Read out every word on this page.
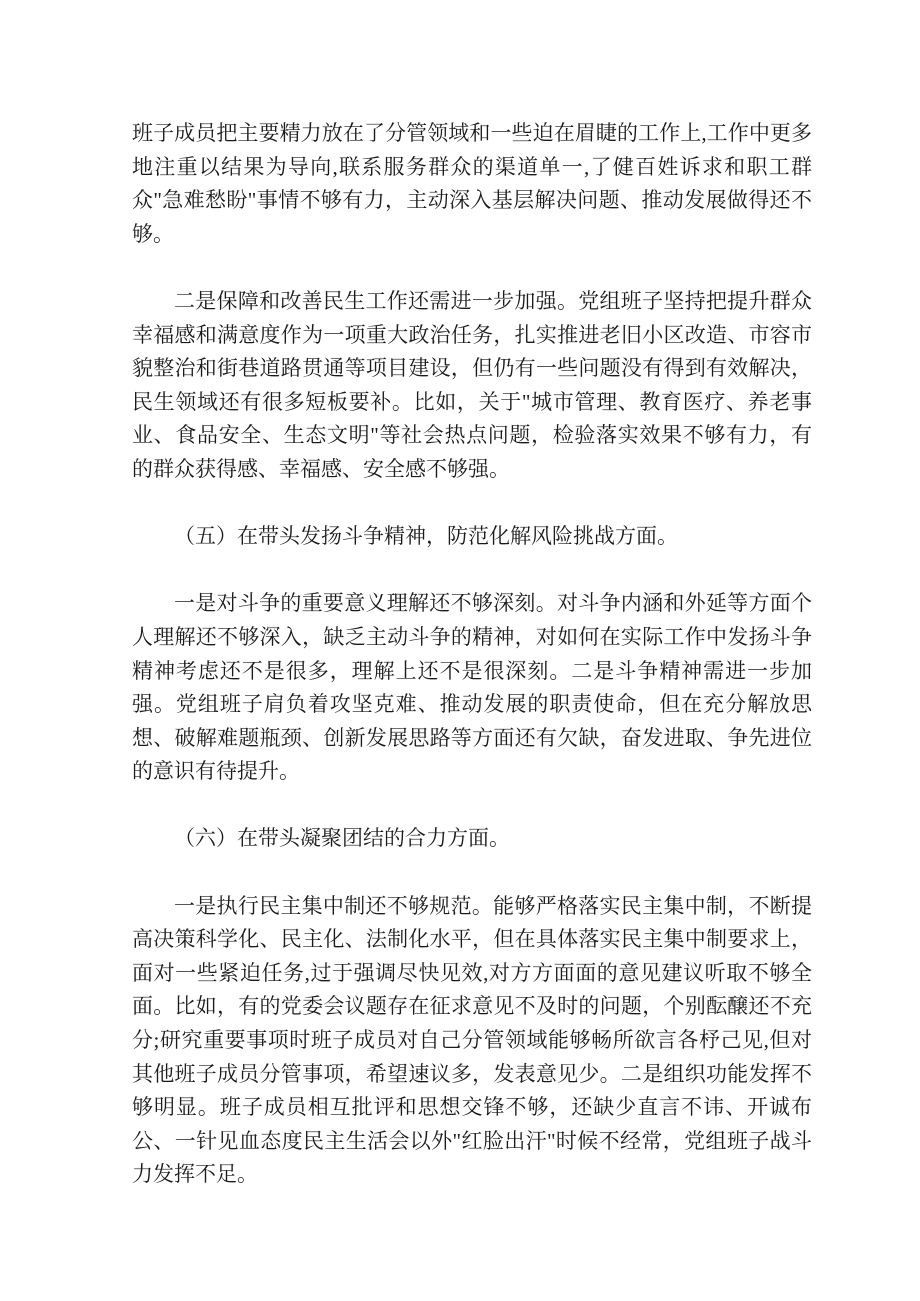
班子成员把主要精力放在了分管领域和一些迫在眉睫的工作上,工作中更多地注重以结果为导向,联系服务群众的渠道单一,了健百姓诉求和职工群众"急难愁盼"事情不够有力，主动深入基层解决问题、推动发展做得还不够。

二是保障和改善民生工作还需进一步加强。党组班子坚持把提升群众幸福感和满意度作为一项重大政治任务，扎实推进老旧小区改造、市容市貌整治和街巷道路贯通等项目建设，但仍有一些问题没有得到有效解决，民生领域还有很多短板要补。比如，关于"城市管理、教育医疗、养老事业、食品安全、生态文明"等社会热点问题，检验落实效果不够有力，有的群众获得感、幸福感、安全感不够强。

（五）在带头发扬斗争精神，防范化解风险挑战方面。

一是对斗争的重要意义理解还不够深刻。对斗争内涵和外延等方面个人理解还不够深入，缺乏主动斗争的精神，对如何在实际工作中发扬斗争精神考虑还不是很多，理解上还不是很深刻。二是斗争精神需进一步加强。党组班子肩负着攻坚克难、推动发展的职责使命，但在充分解放思想、破解难题瓶颈、创新发展思路等方面还有欠缺，奋发进取、争先进位的意识有待提升。

（六）在带头凝聚团结的合力方面。

一是执行民主集中制还不够规范。能够严格落实民主集中制，不断提高决策科学化、民主化、法制化水平，但在具体落实民主集中制要求上，面对一些紧迫任务,过于强调尽快见效,对方方面面的意见建议听取不够全面。比如，有的党委会议题存在征求意见不及时的问题，个别酝醸还不充分;研究重要事项时班子成员对自己分管领域能够畅所欲言各杼己见,但对其他班子成员分管事项，希望速议多，发表意见少。二是组织功能发挥不够明显。班子成员相互批评和思想交锋不够，还缺少直言不讳、开诚布公、一针见血态度民主生活会以外"红脸出汗"时候不经常，党组班子战斗力发挥不足。
